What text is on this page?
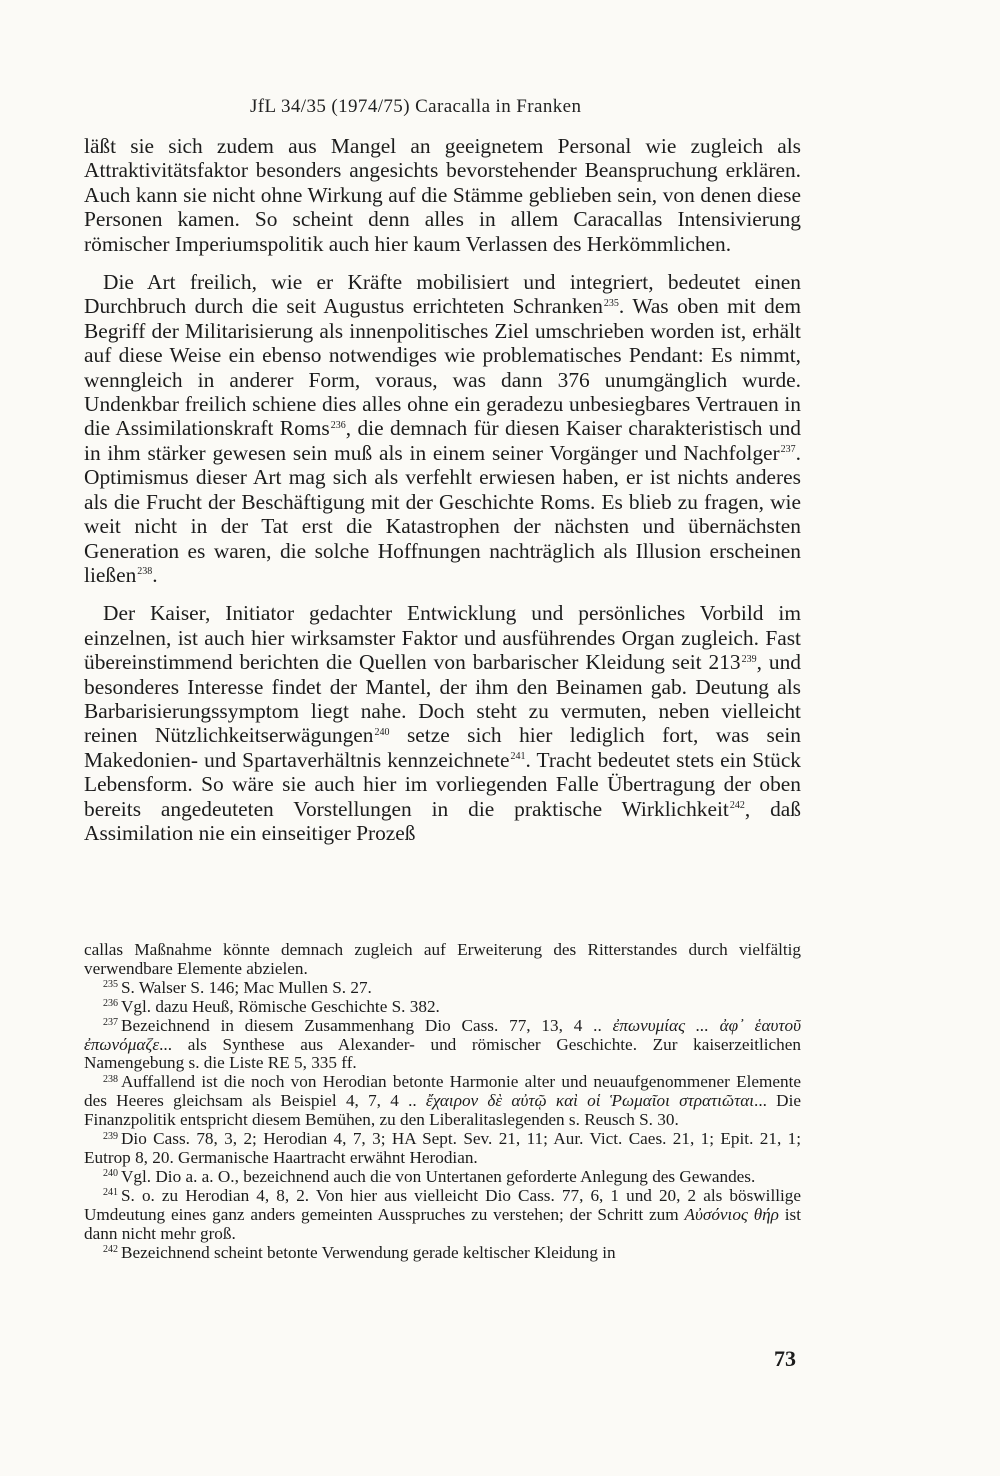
JfL 34/35 (1974/75) Caracalla in Franken

läßt sie sich zudem aus Mangel an geeignetem Personal wie zugleich als Attraktivitätsfaktor besonders angesichts bevorstehender Beanspruchung erklären. Auch kann sie nicht ohne Wirkung auf die Stämme geblieben sein, von denen diese Personen kamen. So scheint denn alles in allem Caracallas Intensivierung römischer Imperiumspolitik auch hier kaum Verlassen des Herkömmlichen.

Die Art freilich, wie er Kräfte mobilisiert und integriert, bedeutet einen Durchbruch durch die seit Augustus errichteten Schranken$^{235}$. Was oben mit dem Begriff der Militarisierung als innenpolitisches Ziel umschrieben worden ist, erhält auf diese Weise ein ebenso notwendiges wie problematisches Pendant: Es nimmt, wenngleich in anderer Form, voraus, was dann 376 unumgänglich wurde. Undenkbar freilich schiene dies alles ohne ein geradezu unbesiegbares Vertrauen in die Assimilationskraft Roms$^{236}$, die demnach für diesen Kaiser charakteristisch und in ihm stärker gewesen sein muß als in einem seiner Vorgänger und Nachfolger$^{237}$. Optimismus dieser Art mag sich als verfehlt erwiesen haben, er ist nichts anderes als die Frucht der Beschäftigung mit der Geschichte Roms. Es blieb zu fragen, wie weit nicht in der Tat erst die Katastrophen der nächsten und übernächsten Generation es waren, die solche Hoffnungen nachträglich als Illusion erscheinen ließen$^{238}$.

Der Kaiser, Initiator gedachter Entwicklung und persönliches Vorbild im einzelnen, ist auch hier wirksamster Faktor und ausführendes Organ zugleich. Fast übereinstimmend berichten die Quellen von barbarischer Kleidung seit $213^{239}$, und besonderes Interesse findet der Mantel, der ihm den Beinamen gab. Deutung als Barbarisierungssymptom liegt nahe. Doch steht zu vermuten, neben vielleicht reinen Nützlichkeitserwägungen$^{240}$ setze sich hier lediglich fort, was sein Makedonien- und Spartaverhältnis kennzeichnete$^{241}$. Tracht bedeutet stets ein Stück Lebensform. So wäre sie auch hier im vorliegenden Falle Übertragung der oben bereits angedeuteten Vorstellungen in die praktische Wirklichkeit$^{242}$, daß Assimilation nie ein einseitiger Prozeß

callas Maßnahme könnte demnach zugleich auf Erweiterung des Ritterstandes durch vielfältig verwendbare Elemente abzielen.

$^{235}$ S. Walser S. 146; Mac Mullen S. 27.

$^{236}$ Vgl. dazu Heuß, Römische Geschichte S. 382.

$^{237}$ Bezeichnend in diesem Zusammenhang Dio Cass. 77, 13, 4 .. ἐπωνυμίας ... ἀφ᾽ ἑαυτοῦ ἐπωνόμαζε... als Synthese aus Alexander- und römischer Geschichte. Zur kaiserzeitlichen Namengebung s. die Liste RE 5, 335 ff.

$^{238}$ Auffallend ist die noch von Herodian betonte Harmonie alter und neuaufgenommener Elemente des Heeres gleichsam als Beispiel 4, 7, 4 .. ἔχαιρον δὲ αὐτῷ καὶ οἱ Ῥωμαῖοι στρατιῶται... Die Finanzpolitik entspricht diesem Bemühen, zu den Liberalitaslegenden s. Reusch S. 30.

$^{239}$ Dio Cass. 78, 3, 2; Herodian 4, 7, 3; HA Sept. Sev. 21, 11; Aur. Vict. Caes. 21, 1; Epit. 21, 1; Eutrop 8, 20. Germanische Haartracht erwähnt Herodian.

$^{240}$ Vgl. Dio a. a. O., bezeichnend auch die von Untertanen geforderte Anlegung des Gewandes.

$^{241}$ S. o. zu Herodian 4, 8, 2. Von hier aus vielleicht Dio Cass. 77, 6, 1 und 20, 2 als böswillige Umdeutung eines ganz anders gemeinten Ausspruches zu verstehen; der Schritt zum Αὐσόνιος θήρ ist dann nicht mehr groß.

$^{242}$ Bezeichnend scheint betonte Verwendung gerade keltischer Kleidung in

73
